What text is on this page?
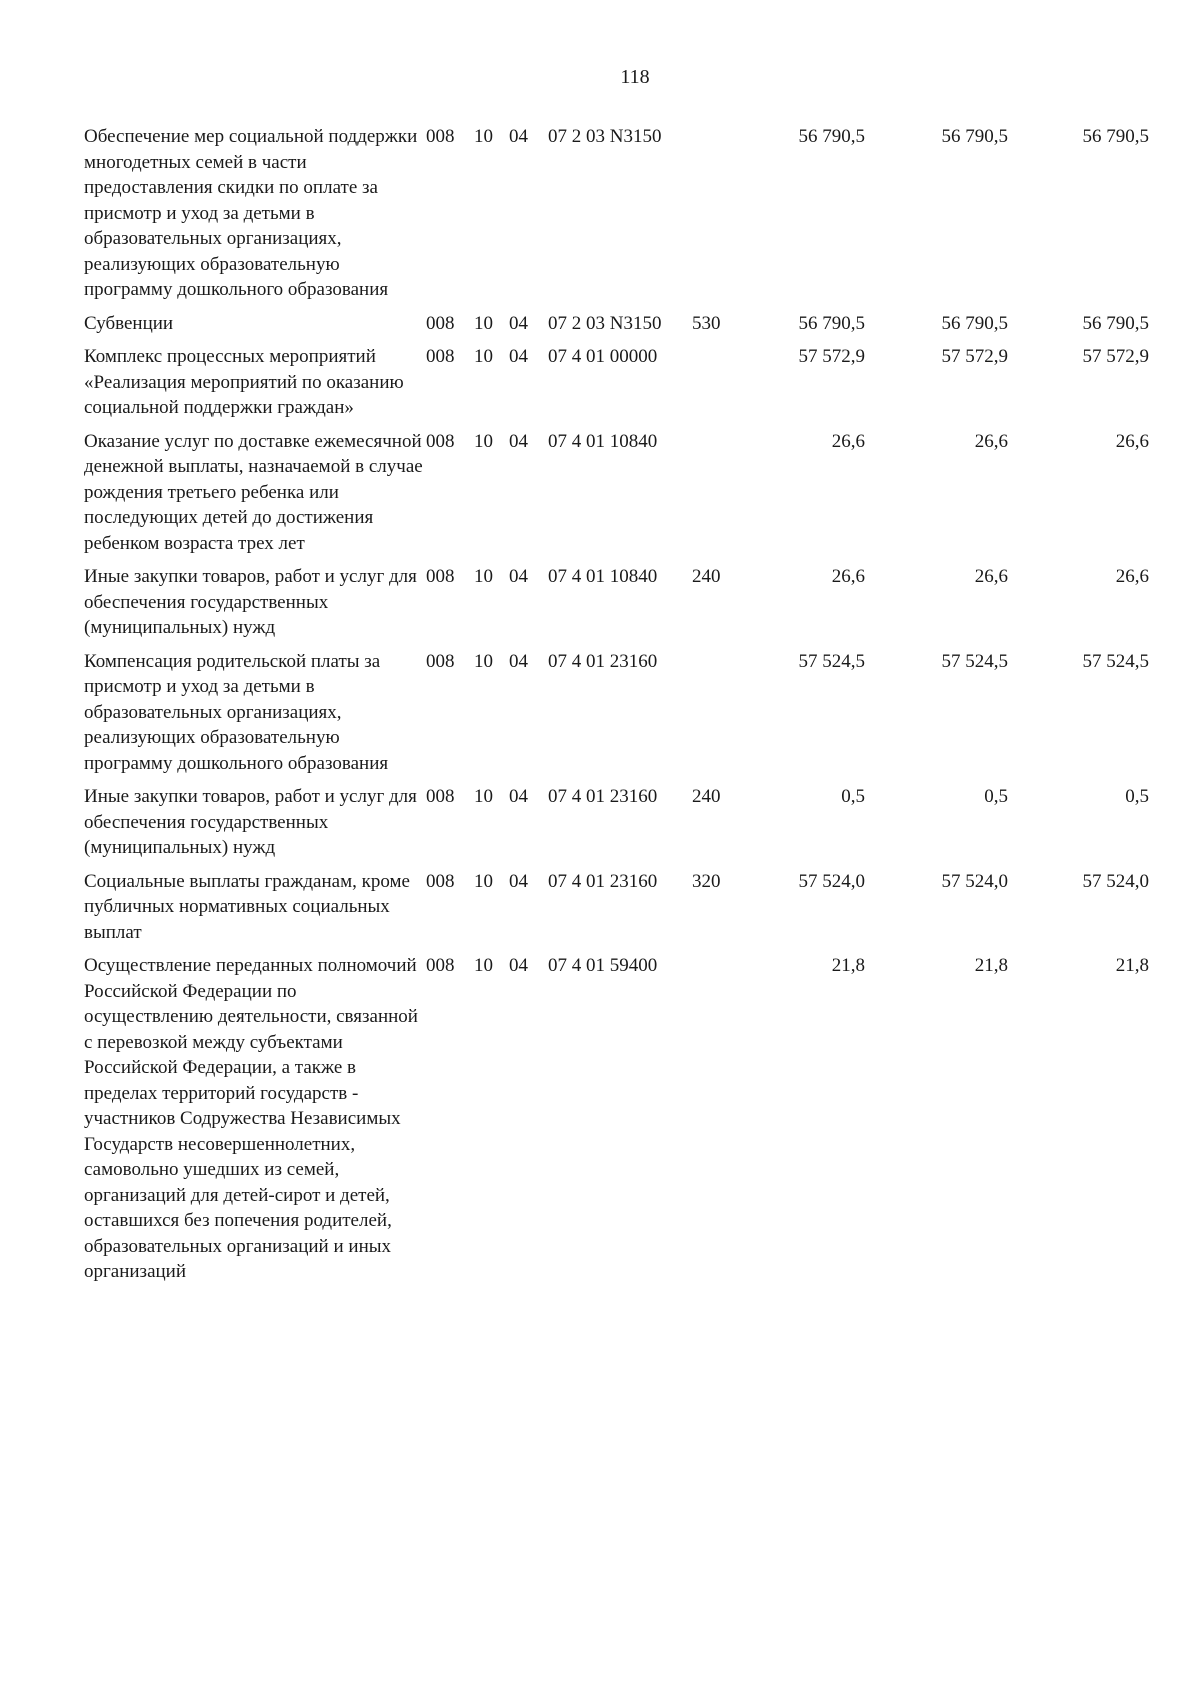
118
Обеспечение мер социальной поддержки многодетных семей в части предоставления скидки по оплате за присмотр и уход за детьми в образовательных организациях, реализующих образовательную программу дошкольного образования	008	10	04	07 2 03 N3150		56 790,5	56 790,5	56 790,5
Субвенции	008	10	04	07 2 03 N3150	530	56 790,5	56 790,5	56 790,5
Комплекс процессных мероприятий «Реализация мероприятий по оказанию социальной поддержки граждан»	008	10	04	07 4 01 00000		57 572,9	57 572,9	57 572,9
Оказание услуг по доставке ежемесячной денежной выплаты, назначаемой в случае рождения третьего ребенка или последующих детей до достижения ребенком возраста трех лет	008	10	04	07 4 01 10840		26,6	26,6	26,6
Иные закупки товаров, работ и услуг для обеспечения государственных (муниципальных) нужд	008	10	04	07 4 01 10840	240	26,6	26,6	26,6
Компенсация родительской платы за присмотр и уход за детьми в образовательных организациях, реализующих образовательную программу дошкольного образования	008	10	04	07 4 01 23160		57 524,5	57 524,5	57 524,5
Иные закупки товаров, работ и услуг для обеспечения государственных (муниципальных) нужд	008	10	04	07 4 01 23160	240	0,5	0,5	0,5
Социальные выплаты гражданам, кроме публичных нормативных социальных выплат	008	10	04	07 4 01 23160	320	57 524,0	57 524,0	57 524,0
Осуществление переданных полномочий Российской Федерации по осуществлению деятельности, связанной с перевозкой между субъектами Российской Федерации, а также в пределах территорий государств - участников Содружества Независимых Государств несовершеннолетних, самовольно ушедших из семей, организаций для детей-сирот и детей, оставшихся без попечения родителей, образовательных организаций и иных организаций	008	10	04	07 4 01 59400		21,8	21,8	21,8
